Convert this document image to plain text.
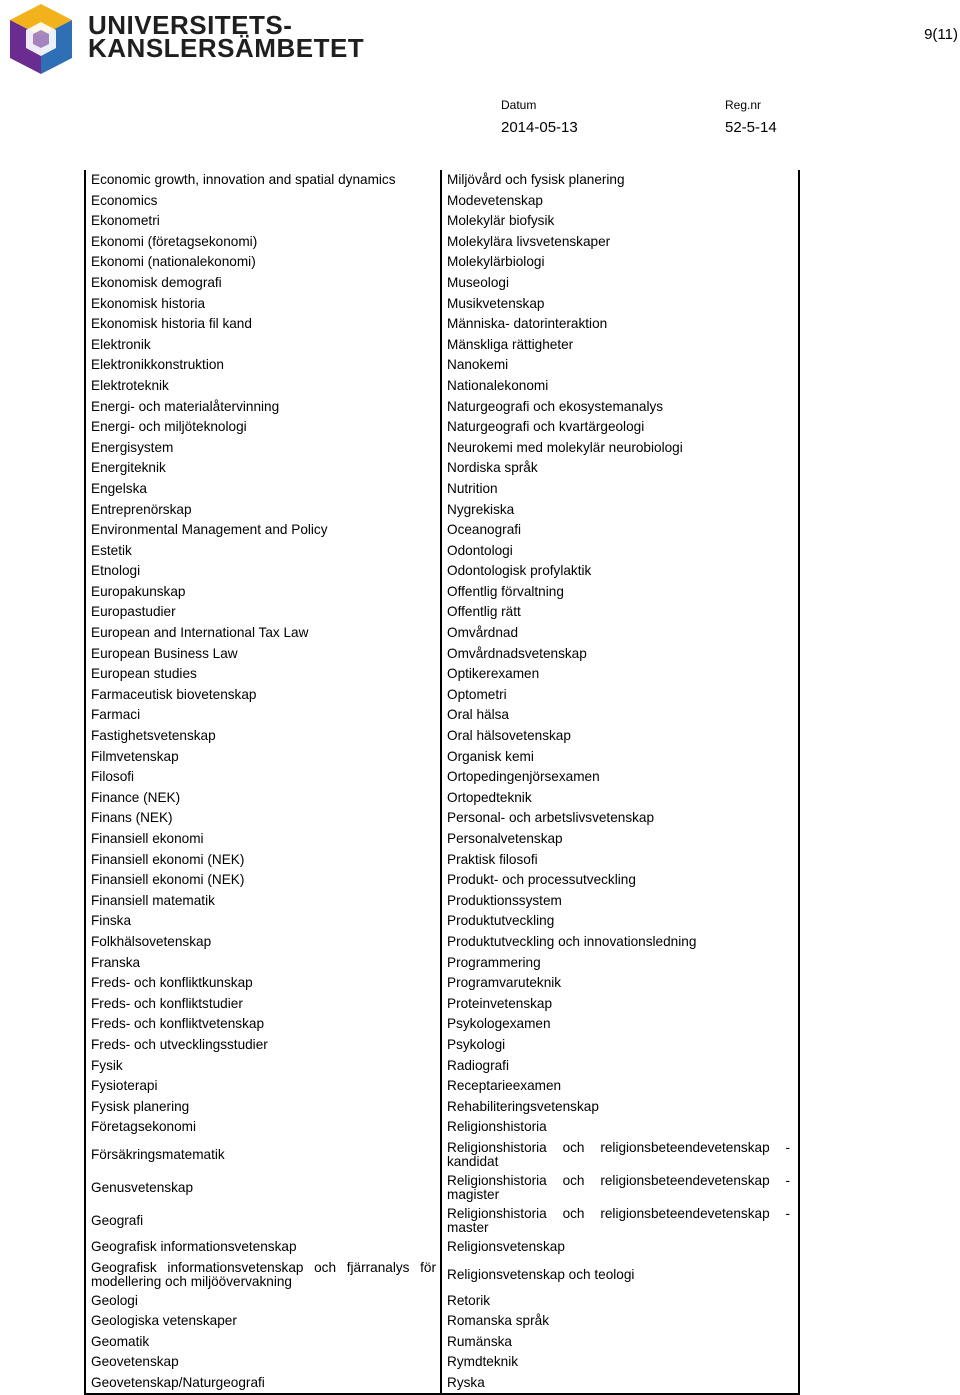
UNIVERSITETS-
KANSLERSÄMBETET	9(11)
Datum
2014-05-13
Reg.nr
52-5-14
Economic growth, innovation and spatial dynamics
Economics
Ekonometri
Ekonomi (företagsekonomi)
Ekonomi (nationalekonomi)
Ekonomisk demografi
Ekonomisk historia
Ekonomisk historia fil kand
Elektronik
Elektronikkonstruktion
Elektroteknik
Energi- och materialåtervinning
Energi- och miljöteknologi
Energisystem
Energiteknik
Engelska
Entreprenörskap
Environmental Management and Policy
Estetik
Etnologi
Europakunskap
Europastudier
European and International Tax Law
European Business Law
European studies
Farmaceutisk biovetenskap
Farmaci
Fastighetsvetenskap
Filmvetenskap
Filosofi
Finance (NEK)
Finans (NEK)
Finansiell ekonomi
Finansiell ekonomi (NEK)
Finansiell ekonomi (NEK)
Finansiell matematik
Finska
Folkhälsovetenskap
Franska
Freds- och konfliktkunskap
Freds- och konfliktstudier
Freds- och konfliktvetenskap
Freds- och utvecklingsstudier
Fysik
Fysioterapi
Fysisk planering
Företagsekonomi
Försäkringsmatematik
Genusvetenskap
Geografi
Geografisk informationsvetenskap
Geografisk informationsvetenskap och fjärranalys för modellering och miljöövervakning
Geologi
Geologiska vetenskaper
Geomatik
Geovetenskap
Geovetenskap/Naturgeografi
Miljövård och fysisk planering
Modevetenskap
Molekylär biofysik
Molekylära livsvetenskaper
Molekylärbiologi
Museologi
Musikvetenskap
Människa- datorinteraktion
Mänskliga rättigheter
Nanokemi
Nationalekonomi
Naturgeografi och ekosystemanalys
Naturgeografi och kvartärgeologi
Neurokemi med molekylär neurobiologi
Nordiska språk
Nutrition
Nygrekiska
Oceanografi
Odontologi
Odontologisk profylaktik
Offentlig förvaltning
Offentlig rätt
Omvårdnad
Omvårdnadsvetenskap
Optikerexamen
Optometri
Oral hälsa
Oral hälsovetenskap
Organisk kemi
Ortopedingenjörsexamen
Ortopedteknik
Personal- och arbetslivsvetenskap
Personalvetenskap
Praktisk filosofi
Produkt- och processutveckling
Produktionssystem
Produktutveckling
Produktutveckling och innovationsledning
Programmering
Programvaruteknik
Proteinvetenskap
Psykologexamen
Psykologi
Radiografi
Receptarieexamen
Rehabiliteringsvetenskap
Religionshistoria
Religionshistoria och religionsbeteendevetenskap - kandidat
Religionshistoria och religionsbeteendevetenskap - magister
Religionshistoria och religionsbeteendevetenskap - master
Religionsvetenskap
Religionsvetenskap och teologi
Retorik
Romanska språk
Rumänska
Rymdteknik
Ryska
